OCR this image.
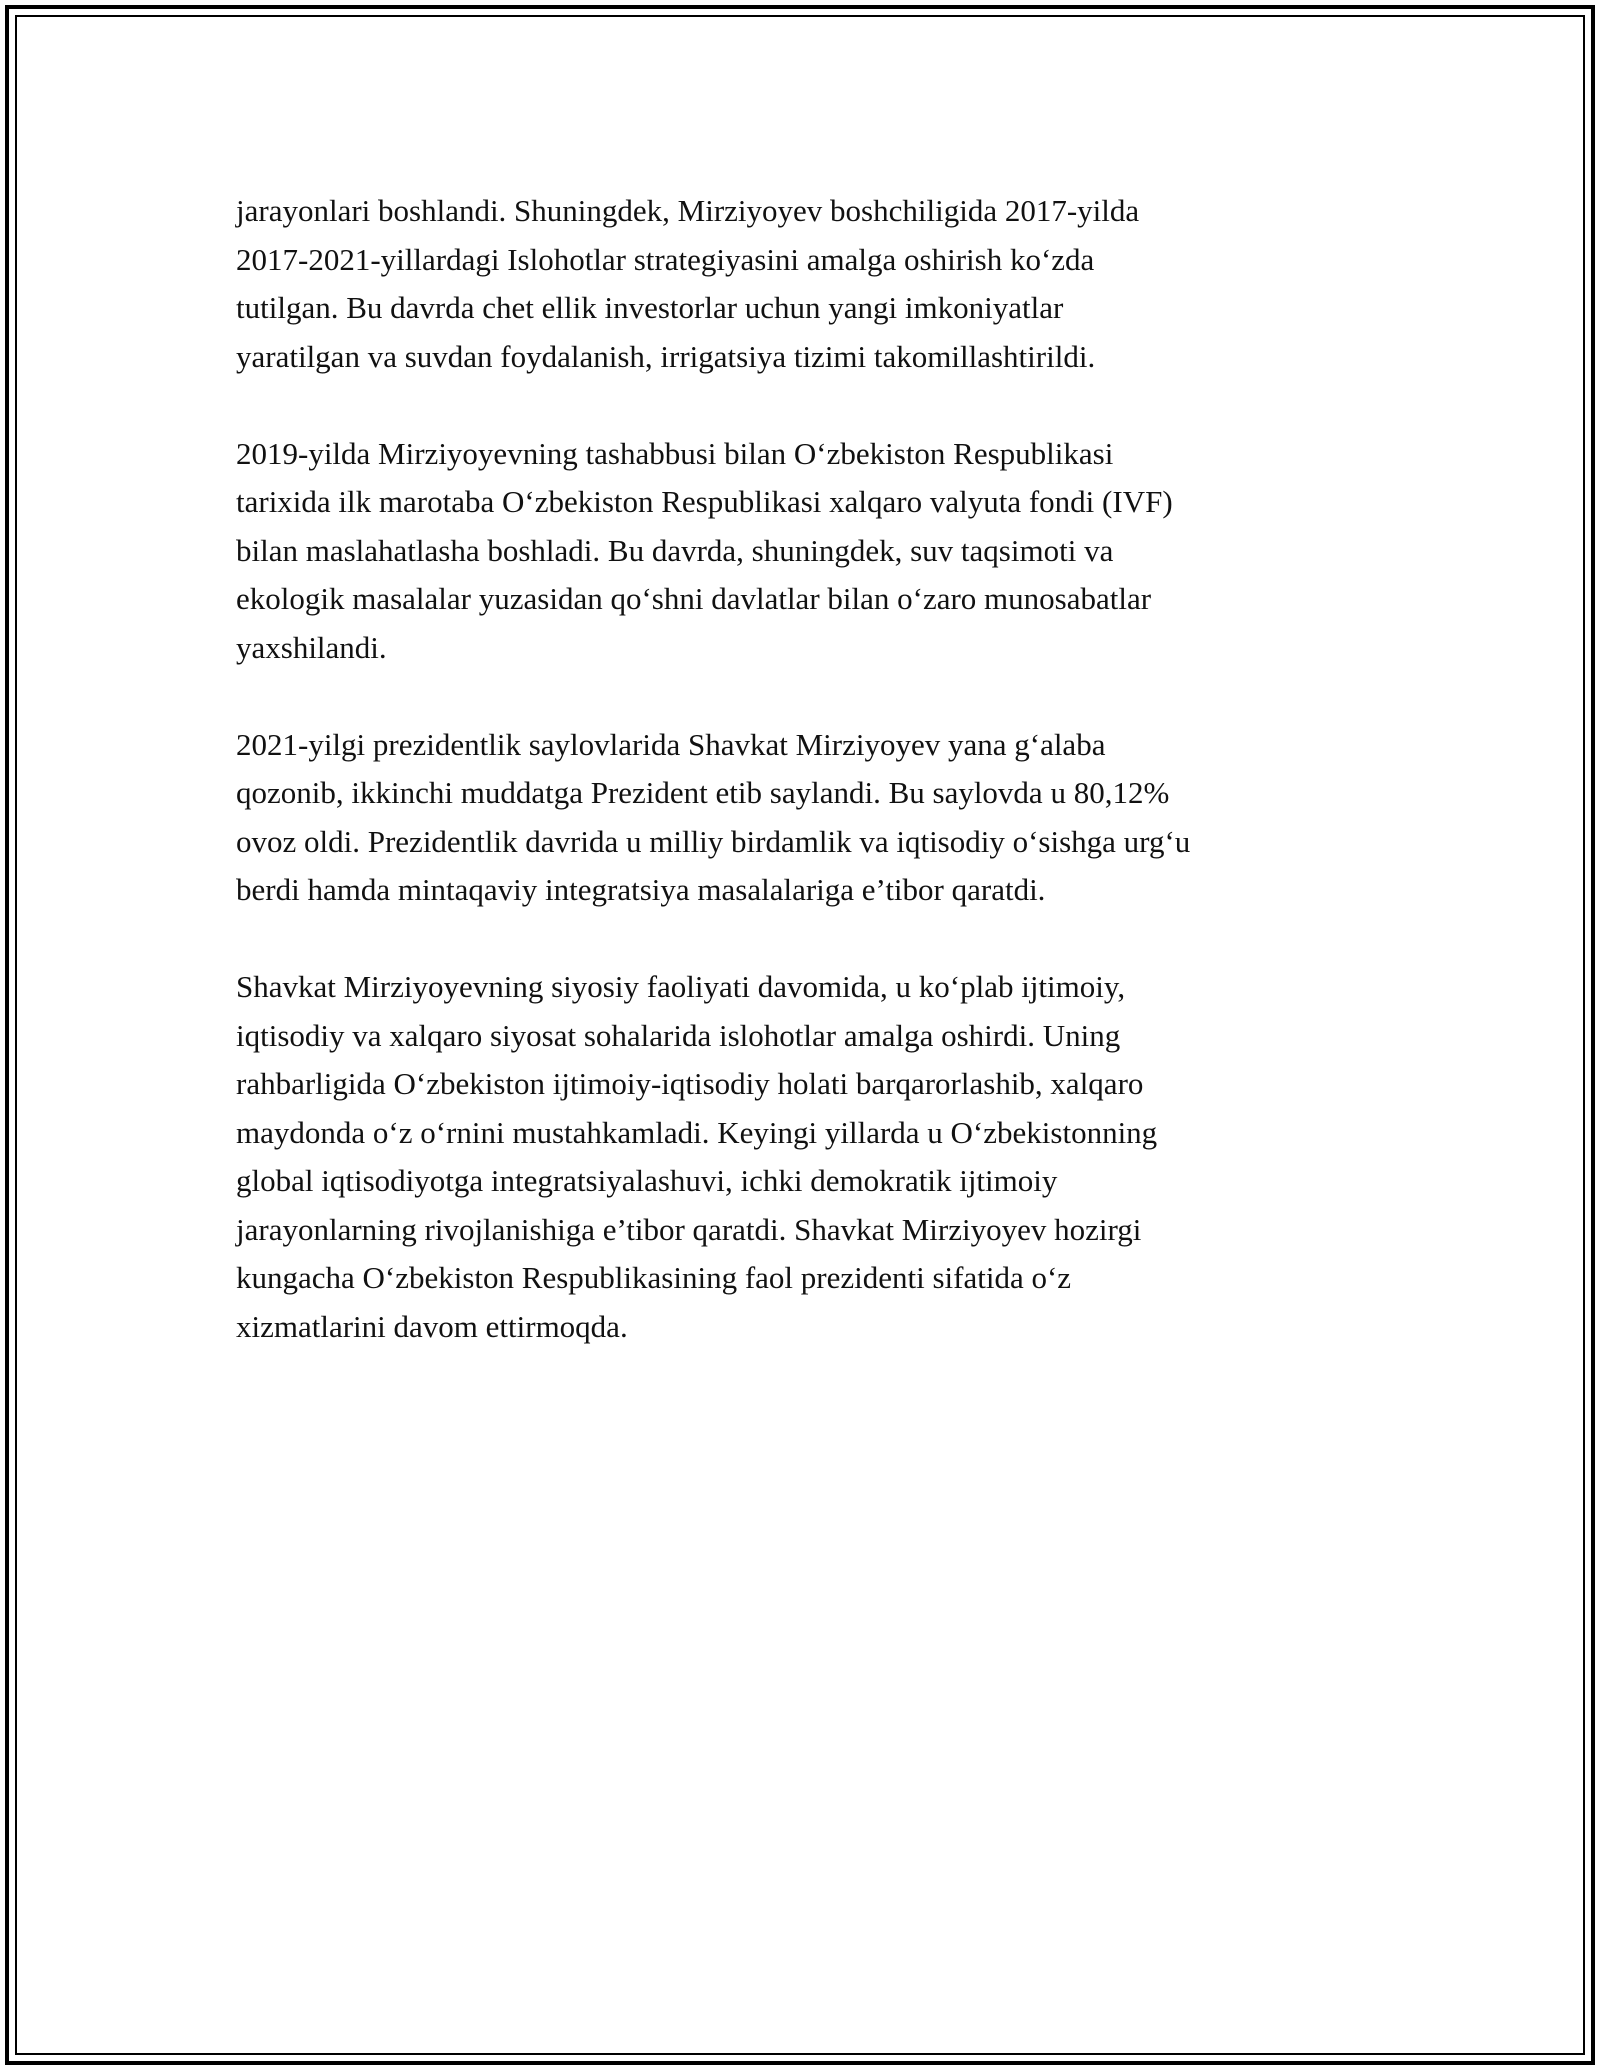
jarayonlari boshlandi. Shuningdek, Mirziyoyev boshchiligida 2017-yilda
2017-2021-yillardagi Islohotlar strategiyasini amalga oshirish ko‘zda
tutilgan. Bu davrda chet ellik investorlar uchun yangi imkoniyatlar
yaratilgan va suvdan foydalanish, irrigatsiya tizimi takomillashtirildi.

2019-yilda Mirziyoyevning tashabbusi bilan O‘zbekiston Respublikasi
tarixida ilk marotaba O‘zbekiston Respublikasi xalqaro valyuta fondi (IVF)
bilan maslahatlasha boshladi. Bu davrda, shuningdek, suv taqsimoti va
ekologik masalalar yuzasidan qo‘shni davlatlar bilan o‘zaro munosabatlar
yaxshilandi.

2021-yilgi prezidentlik saylovlarida Shavkat Mirziyoyev yana g‘alaba
qozonib, ikkinchi muddatga Prezident etib saylandi. Bu saylovda u 80,12%
ovoz oldi. Prezidentlik davrida u milliy birdamlik va iqtisodiy o‘sishga urg‘u
berdi hamda mintaqaviy integratsiya masalalariga e’tibor qaratdi.

Shavkat Mirziyoyevning siyosiy faoliyati davomida, u ko‘plab ijtimoiy,
iqtisodiy va xalqaro siyosat sohalarida islohotlar amalga oshirdi. Uning
rahbarligida O‘zbekiston ijtimoiy-iqtisodiy holati barqarorlashib, xalqaro
maydonda o‘z o‘rnini mustahkamladi. Keyingi yillarda u O‘zbekistonning
global iqtisodiyotga integratsiyalashuvi, ichki demokratik ijtimoiy
jarayonlarning rivojlanishiga e’tibor qaratdi. Shavkat Mirziyoyev hozirgi
kungacha O‘zbekiston Respublikasining faol prezidenti sifatida o‘z
xizmatlarini davom ettirmoqda.
